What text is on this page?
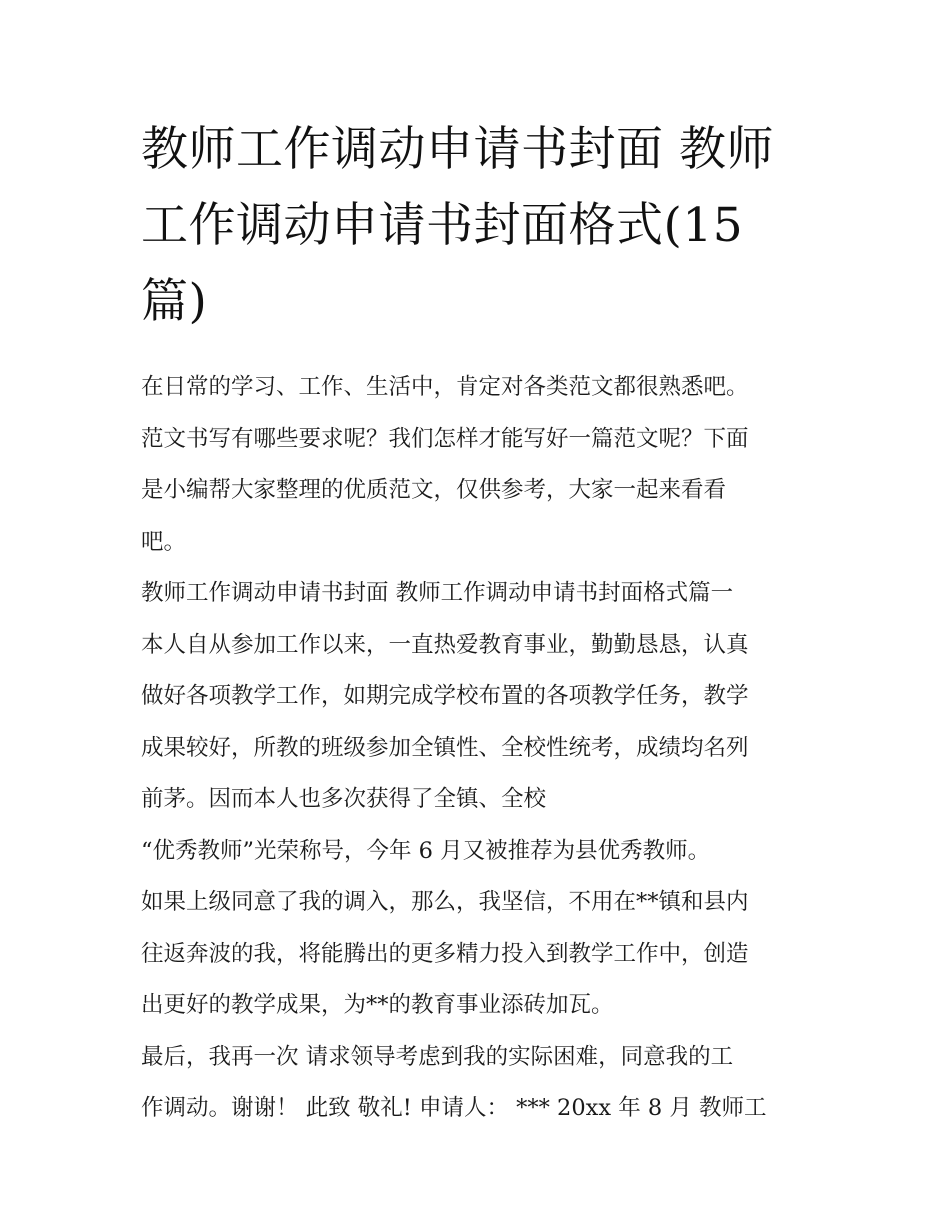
教师工作调动申请书封面 教师
工作调动申请书封面格式(15
篇)

在日常的学习、工作、生活中，肯定对各类范文都很熟悉吧。
范文书写有哪些要求呢？我们怎样才能写好一篇范文呢？下面
是小编帮大家整理的优质范文，仅供参考，大家一起来看看
吧。

教师工作调动申请书封面 教师工作调动申请书封面格式篇一

本人自从参加工作以来，一直热爱教育事业，勤勤恳恳，认真
做好各项教学工作，如期完成学校布置的各项教学任务，教学
成果较好，所教的班级参加全镇性、全校性统考，成绩均名列
前茅。因而本人也多次获得了全镇、全校

“优秀教师”光荣称号，今年 6 月又被推荐为县优秀教师。

如果上级同意了我的调入，那么，我坚信，不用在**镇和县内
往返奔波的我，将能腾出的更多精力投入到教学工作中，创造
出更好的教学成果，为**的教育事业添砖加瓦。

最后，我再一次 请求领导考虑到我的实际困难，同意我的工
作调动。谢谢！ 此致 敬礼! 申请人： *** 20xx 年 8 月 教师工
